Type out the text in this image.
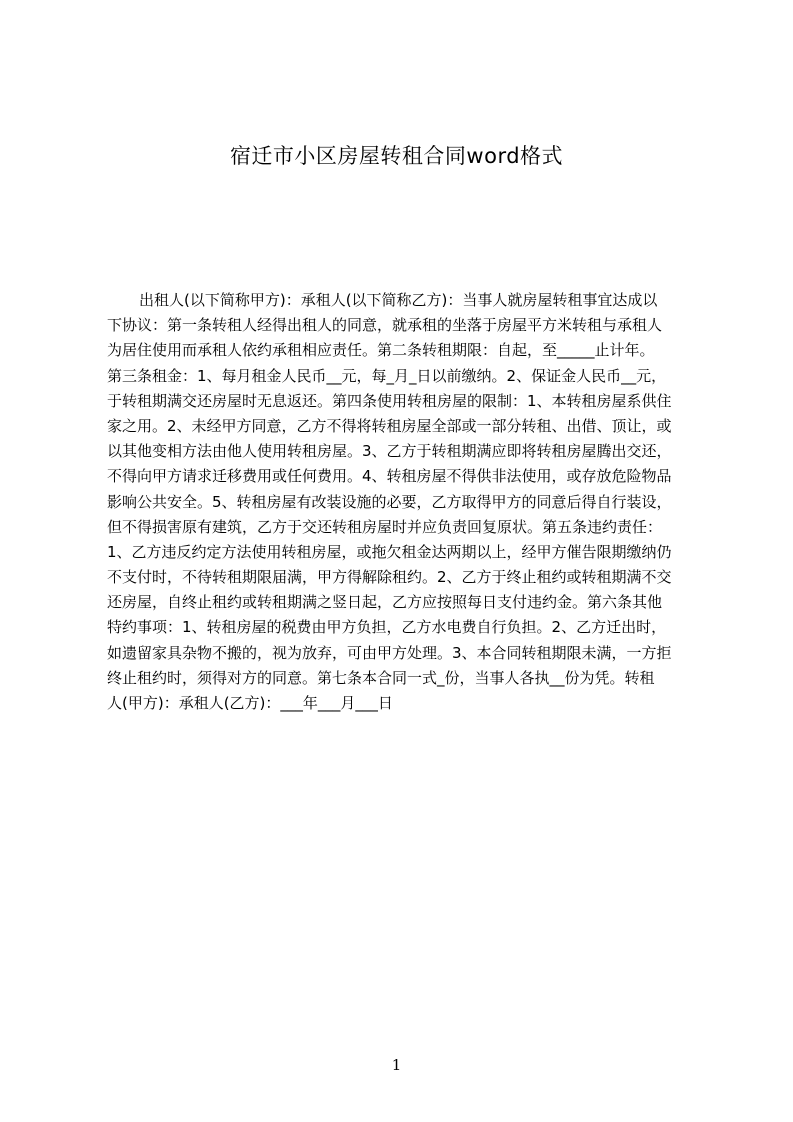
宿迁市小区房屋转租合同word格式
出租人(以下简称甲方)：承租人(以下简称乙方)：当事人就房屋转租事宜达成以
下协议：第一条转租人经得出租人的同意，就承租的坐落于房屋平方米转租与承租人
为居住使用而承租人依约承租相应责任。第二条转租期限：自起，至_____止计年。
第三条租金：1、每月租金人民币__元，每_月_日以前缴纳。2、保证金人民币__元，
于转租期满交还房屋时无息返还。第四条使用转租房屋的限制：1、本转租房屋系供住
家之用。2、未经甲方同意，乙方不得将转租房屋全部或一部分转租、出借、顶让，或
以其他变相方法由他人使用转租房屋。3、乙方于转租期满应即将转租房屋腾出交还，
不得向甲方请求迁移费用或任何费用。4、转租房屋不得供非法使用，或存放危险物品
影响公共安全。5、转租房屋有改装设施的必要，乙方取得甲方的同意后得自行装设，
但不得损害原有建筑，乙方于交还转租房屋时并应负责回复原状。第五条违约责任：
1、乙方违反约定方法使用转租房屋，或拖欠租金达两期以上，经甲方催告限期缴纳仍
不支付时，不待转租期限届满，甲方得解除租约。2、乙方于终止租约或转租期满不交
还房屋，自终止租约或转租期满之竖日起，乙方应按照每日支付违约金。第六条其他
特约事项：1、转租房屋的税费由甲方负担，乙方水电费自行负担。2、乙方迁出时，
如遗留家具杂物不搬的，视为放弃，可由甲方处理。3、本合同转租期限未满，一方拒
终止租约时，须得对方的同意。第七条本合同一式_份，当事人各执__份为凭。转租
人(甲方)：承租人(乙方)：___年___月___日
1
